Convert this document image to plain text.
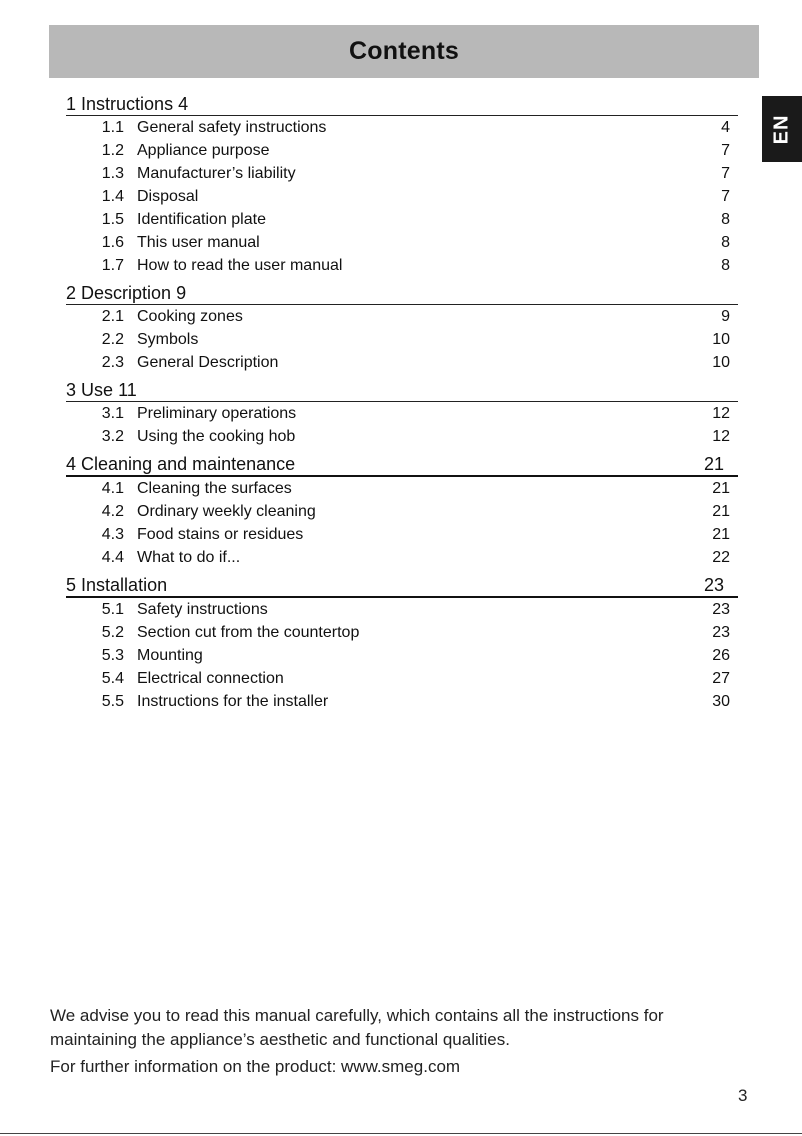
Contents
EN
1 Instructions 4
1.1 General safety instructions	4
1.2 Appliance purpose	7
1.3 Manufacturer’s liability	7
1.4 Disposal	7
1.5 Identification plate	8
1.6 This user manual	8
1.7 How to read the user manual	8
2 Description 9
2.1 Cooking zones	9
2.2 Symbols	10
2.3 General Description	10
3 Use 11
3.1 Preliminary operations	12
3.2 Using the cooking hob	12
4 Cleaning and maintenance	21
4.1 Cleaning the surfaces	21
4.2 Ordinary weekly cleaning	21
4.3 Food stains or residues	21
4.4 What to do if...	22
5 Installation	23
5.1 Safety instructions	23
5.2 Section cut from the countertop	23
5.3 Mounting	26
5.4 Electrical connection	27
5.5 Instructions for the installer	30

We advise you to read this manual carefully, which contains all the instructions for maintaining the appliance’s aesthetic and functional qualities.

For further information on the product: www.smeg.com

3
